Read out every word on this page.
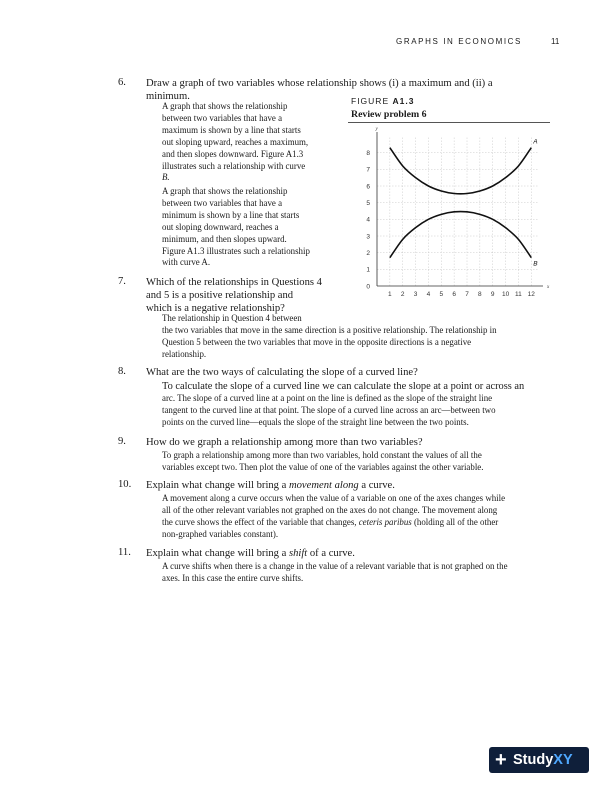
GRAPHS IN ECONOMICS	11
6. Draw a graph of two variables whose relationship shows (i) a maximum and (ii) a
minimum.
A graph that shows the relationship
between two variables that have a
maximum is shown by a line that starts
out sloping upward, reaches a maximum,
and then slopes downward. Figure A1.3
illustrates such a relationship with curve
B.
A graph that shows the relationship
between two variables that have a
minimum is shown by a line that starts
out sloping downward, reaches a
minimum, and then slopes upward.
Figure A1.3 illustrates such a relationship
with curve A.
FIGURE A1.3
Review problem 6
1 2 3 4 5 6 7 8 9 10 11 12
1
2
3
4
5
6
7
8
0	x
y
A
B
7. Which of the relationships in Questions 4
and 5 is a positive relationship and
which is a negative relationship?
The relationship in Question 4 between
the two variables that move in the same direction is a positive relationship. The relationship in
Question 5 between the two variables that move in the opposite directions is a negative
relationship.
8. What are the two ways of calculating the slope of a curved line?
To calculate the slope of a curved line we can calculate the slope at a point or across an
arc. The slope of a curved line at a point on the line is defined as the slope of the straight line
tangent to the curved line at that point. The slope of a curved line across an arc—between two
points on the curved line—equals the slope of the straight line between the two points.
9. How do we graph a relationship among more than two variables?
To graph a relationship among more than two variables, hold constant the values of all the
variables except two. Then plot the value of one of the variables against the other variable.
10. Explain what change will bring a movement along a curve.
A movement along a curve occurs when the value of a variable on one of the axes changes while
all of the other relevant variables not graphed on the axes do not change. The movement along
the curve shows the effect of the variable that changes, ceteris paribus (holding all of the other
non-graphed variables constant).
11. Explain what change will bring a shift of a curve.
A curve shifts when there is a change in the value of a relevant variable that is not graphed on the
axes. In this case the entire curve shifts.
+ StudyXY
